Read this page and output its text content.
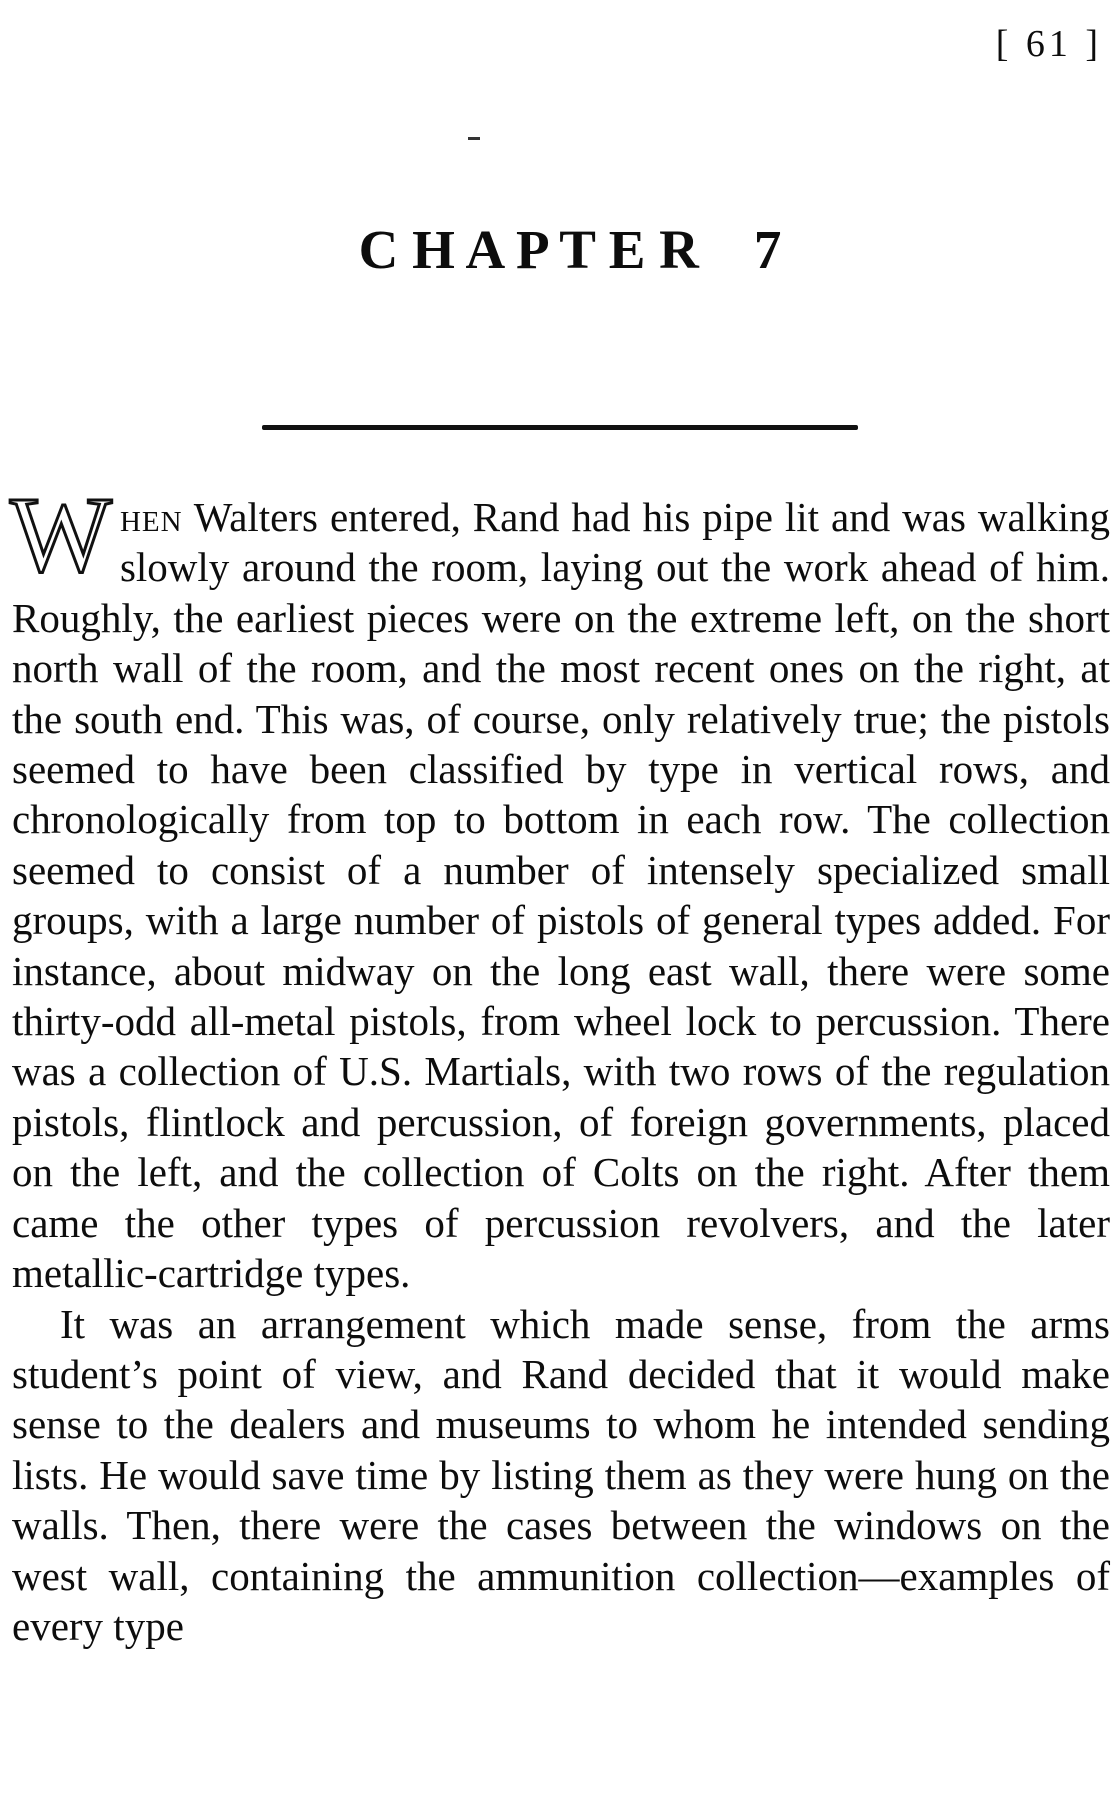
[ 61 ]
C H A P T E R    7

When Walters entered, Rand had his pipe lit and was walking slowly around the room, laying out the work ahead of him. Roughly, the earliest pieces were on the extreme left, on the short north wall of the room, and the most recent ones on the right, at the south end. This was, of course, only relatively true; the pistols seemed to have been classified by type in vertical rows, and chronologically from top to bottom in each row. The collection seemed to consist of a number of intensely specialized small groups, with a large number of pistols of general types added. For instance, about midway on the long east wall, there were some thirty-odd all-metal pistols, from wheel lock to percussion. There was a collection of U.S. Martials, with two rows of the regulation pistols, flintlock and percussion, of foreign governments, placed on the left, and the collection of Colts on the right. After them came the other types of percussion revolvers, and the later metallic-cartridge types.

It was an arrangement which made sense, from the arms student’s point of view, and Rand decided that it would make sense to the dealers and museums to whom he intended sending lists. He would save time by listing them as they were hung on the walls. Then, there were the cases between the windows on the west wall, containing the ammunition collection—examples of every type
